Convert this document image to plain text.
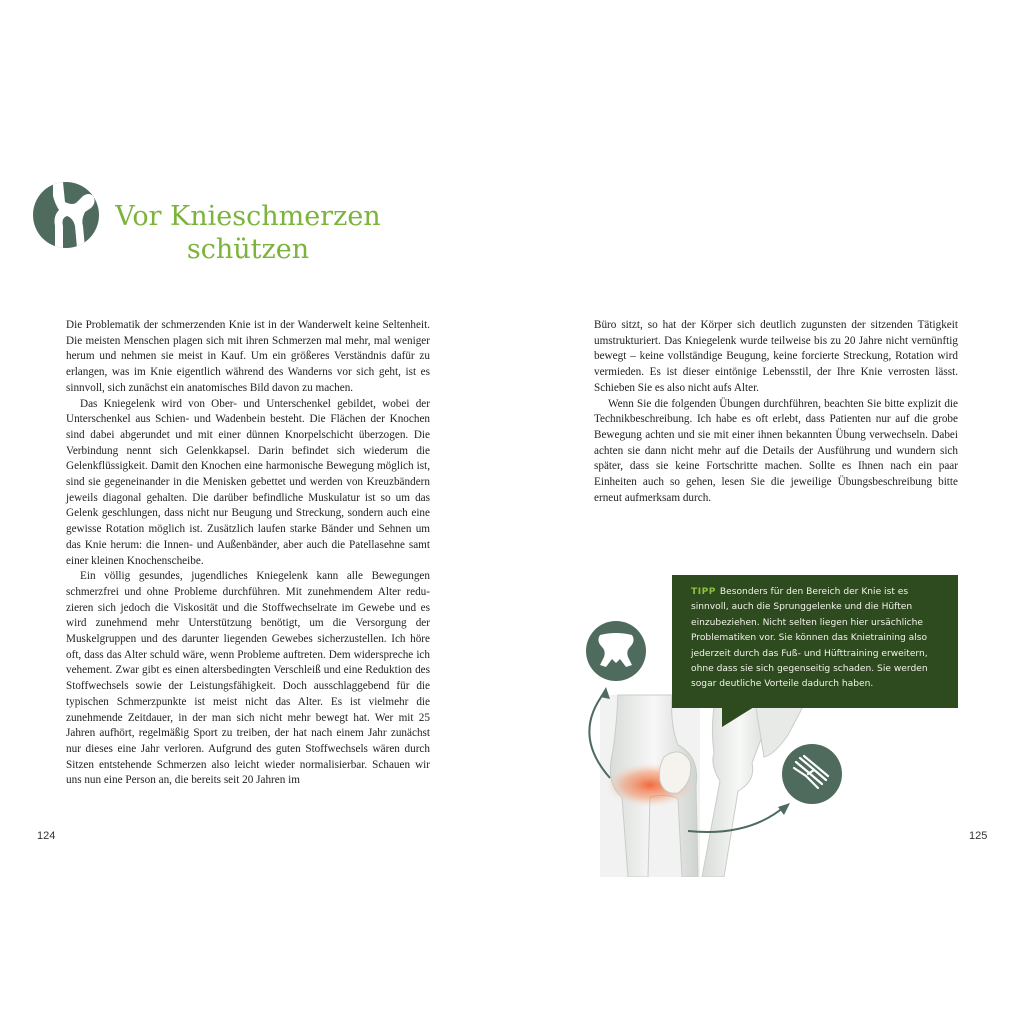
Vor Knieschmerzen
schützen

Die Problematik der schmerzenden Knie ist in der Wanderwelt keine Seltenheit. Die meisten Menschen plagen sich mit ihren Schmerzen mal mehr, mal weniger herum und nehmen sie meist in Kauf. Um ein größeres Verständnis dafür zu erlangen, was im Knie eigentlich während des Wanderns vor sich geht, ist es sinnvoll, sich zunächst ein anatomisches Bild davon zu machen.

Das Kniegelenk wird von Ober- und Unterschenkel gebildet, wobei der Unterschenkel aus Schien- und Wadenbein besteht. Die Flächen der Knochen sind dabei abgerundet und mit einer dünnen Knorpelschicht überzogen. Die Verbindung nennt sich Gelenkkapsel. Darin befindet sich wiederum die Gelenkflüssigkeit. Damit den Knochen eine harmonische Bewegung möglich ist, sind sie gegeneinander in die Menisken gebettet und werden von Kreuzbändern jeweils diagonal gehalten. Die darüber befindliche Muskulatur ist so um das Gelenk geschlungen, dass nicht nur Beugung und Streckung, sondern auch eine gewisse Rotation möglich ist. Zusätzlich laufen starke Bänder und Sehnen um das Knie herum: die Innen- und Außenbänder, aber auch die Patellasehne samt einer kleinen Knochenscheibe.

Ein völlig gesundes, jugendliches Kniegelenk kann alle Bewegungen schmerzfrei und ohne Probleme durchführen. Mit zunehmendem Alter reduzieren sich jedoch die Viskosität und die Stoffwechselrate im Gewebe und es wird zunehmend mehr Unterstützung benötigt, um die Versorgung der Muskelgruppen und des darunter liegenden Gewebes sicherzustellen. Ich höre oft, dass das Alter schuld wäre, wenn Probleme auftreten. Dem widerspreche ich vehement. Zwar gibt es einen altersbedingten Verschleiß und eine Reduktion des Stoffwechsels sowie der Leistungsfähigkeit. Doch ausschlaggebend für die typischen Schmerzpunkte ist meist nicht das Alter. Es ist vielmehr die zunehmende Zeitdauer, in der man sich nicht mehr bewegt hat. Wer mit 25 Jahren aufhört, regelmäßig Sport zu treiben, der hat nach einem Jahr zunächst nur dieses eine Jahr verloren. Aufgrund des guten Stoffwechsels wären durch Sitzen entstehende Schmerzen also leicht wieder normalisierbar. Schauen wir uns nun eine Person an, die bereits seit 20 Jahren im

124

Büro sitzt, so hat der Körper sich deutlich zugunsten der sitzenden Tätigkeit umstrukturiert. Das Kniegelenk wurde teilweise bis zu 20 Jahre nicht vernünftig bewegt – keine vollständige Beugung, keine forcierte Streckung, Rotation wird vermieden. Es ist dieser eintönige Lebensstil, der Ihre Knie verrosten lässt. Schieben Sie es also nicht aufs Alter.

Wenn Sie die folgenden Übungen durchführen, beachten Sie bitte explizit die Technikbeschreibung. Ich habe es oft erlebt, dass Patienten nur auf die grobe Bewegung achten und sie mit einer ihnen bekannten Übung verwechseln. Dabei achten sie dann nicht mehr auf die Details der Ausführung und wundern sich später, dass sie keine Fortschritte machen. Sollte es Ihnen nach ein paar Einheiten auch so gehen, lesen Sie die jeweilige Übungsbeschreibung bitte erneut aufmerksam durch.

125
TIPP Besonders für den Bereich der Knie ist es sinnvoll, auch die Sprunggelenke und die Hüften einzubeziehen. Nicht selten liegen hier ursächliche Problematiken vor. Sie können das Knietraining also jederzeit durch das Fuß- und Hüfttraining erweitern, ohne dass sie sich gegenseitig schaden. Sie werden sogar deutliche Vorteile dadurch haben.
